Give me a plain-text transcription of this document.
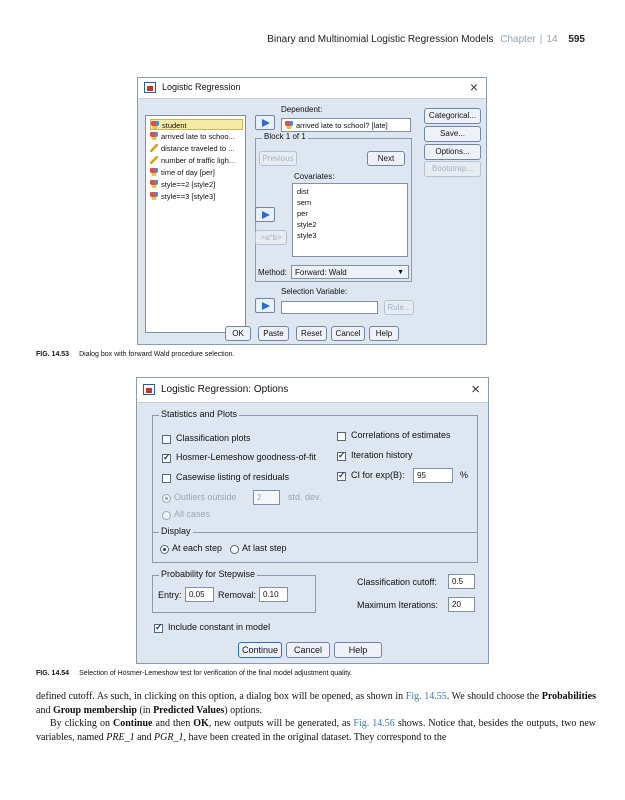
Binary and Multinomial Logistic Regression Models Chapter | 14 595
Logistic Regression	×
student
arrived late to schoo...
distance traveled to ...
number of traffic ligh...
time of day [per]
style==2 [style2]
style==3 [style3]
Dependent:
arrived late to school? [late]
Block 1 of 1
Previous	Next
Covariates:
dist
sem
per
style2
style3
>a*b>
Method:	Forward: Wald	▼
Selection Variable:
Rule...
Categorical...
Save...
Options...
Bootstrap...
OK	Paste	Reset	Cancel	Help
FIG. 14.53 Dialog box with forward Wald procedure selection.
Logistic Regression: Options	×
Statistics and Plots
Classification plots
✓
Hosmer-Lemeshow goodness-of-fit
Casewise listing of residuals
Outliers outside	2	std. dev.
All cases
Correlations of estimates
✓
Iteration history
✓
CI for exp(B):	95	%
Display
At each step At last step
Probability for Stepwise
Entry: 0.05	Removal: 0.10
Classification cutoff:	0.5
Maximum Iterations:	20
✓
Include constant in model
Continue	Cancel	Help
FIG. 14.54 Selection of Hosmer-Lemeshow test for verification of the final model adjustment quality.

defined cutoff. As such, in clicking on this option, a dialog box will be opened, as shown in Fig. 14.55. We should choose the Probabilities and Group membership (in Predicted Values) options.

By clicking on Continue and then OK, new outputs will be generated, as Fig. 14.56 shows. Notice that, besides the outputs, two new variables, named PRE_1 and PGR_1, have been created in the original dataset. They correspond to the
